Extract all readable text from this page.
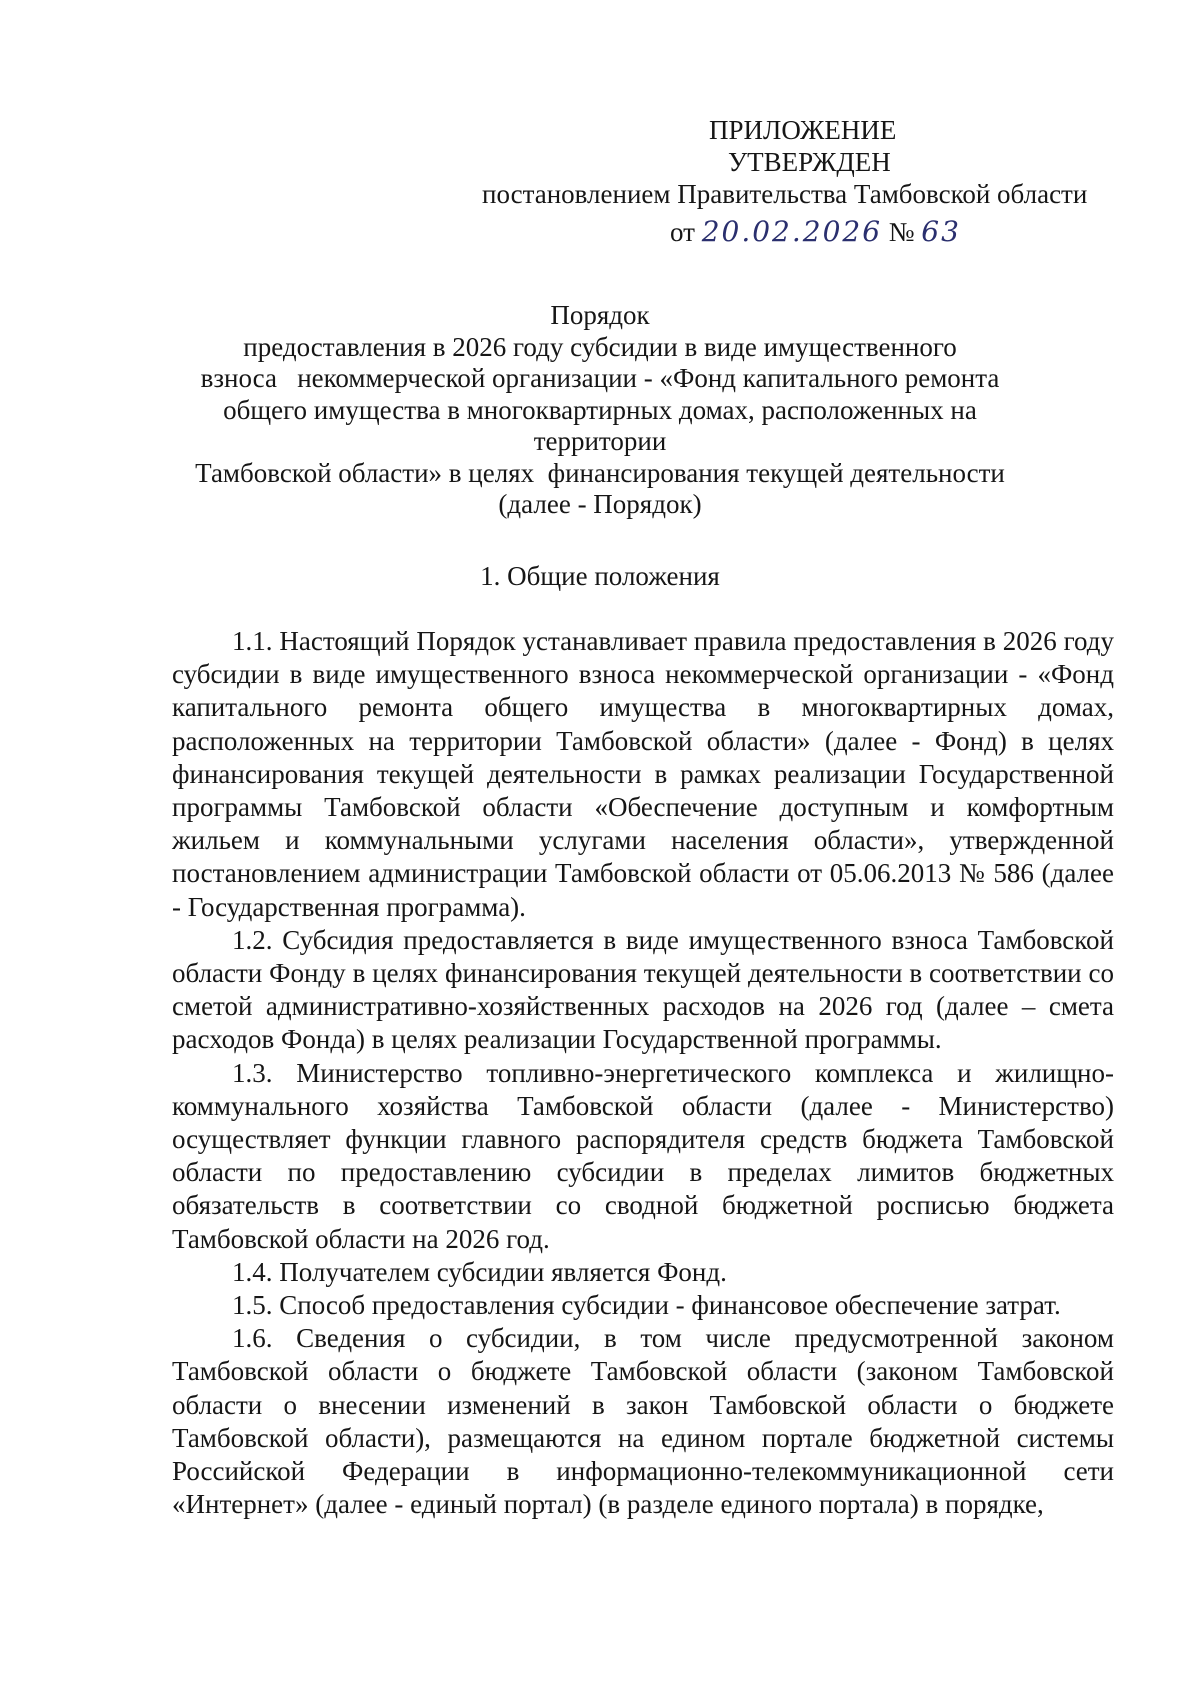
ПРИЛОЖЕНИЕ
УТВЕРЖДЕН
постановлением Правительства Тамбовской области
от 20.02.2026 № 63
Порядок
предоставления в 2026 году субсидии в виде имущественного
взноса   некоммерческой организации - «Фонд капитального ремонта
общего имущества в многоквартирных домах, расположенных на территории
Тамбовской области» в целях  финансирования текущей деятельности
(далее - Порядок)
1. Общие положения

1.1. Настоящий Порядок устанавливает правила предоставления в 2026 году субсидии в виде имущественного взноса некоммерческой организации - «Фонд капитального ремонта общего имущества в многоквартирных домах, расположенных на территории Тамбовской области» (далее - Фонд) в целях финансирования текущей деятельности в рамках реализации Государственной программы Тамбовской области «Обеспечение доступным и комфортным жильем и коммунальными услугами населения области», утвержденной постановлением администрации Тамбовской области от 05.06.2013 № 586 (далее - Государственная программа).

1.2. Субсидия предоставляется в виде имущественного взноса Тамбовской области Фонду в целях финансирования текущей деятельности в соответствии со сметой административно-хозяйственных расходов на 2026 год (далее – смета расходов Фонда) в целях реализации Государственной программы.

1.3. Министерство топливно-энергетического комплекса и жилищно-коммунального хозяйства Тамбовской области (далее - Министерство) осуществляет функции главного распорядителя средств бюджета Тамбовской области по предоставлению субсидии в пределах лимитов бюджетных обязательств в соответствии со сводной бюджетной росписью бюджета Тамбовской области на 2026 год.

1.4. Получателем субсидии является Фонд.

1.5. Способ предоставления субсидии - финансовое обеспечение затрат.

1.6. Сведения о субсидии, в том числе предусмотренной законом Тамбовской области о бюджете Тамбовской области (законом Тамбовской области о внесении изменений в закон Тамбовской области о бюджете Тамбовской области), размещаются на едином портале бюджетной системы Российской Федерации в информационно-телекоммуникационной сети «Интернет» (далее - единый портал) (в разделе единого портала) в порядке,
